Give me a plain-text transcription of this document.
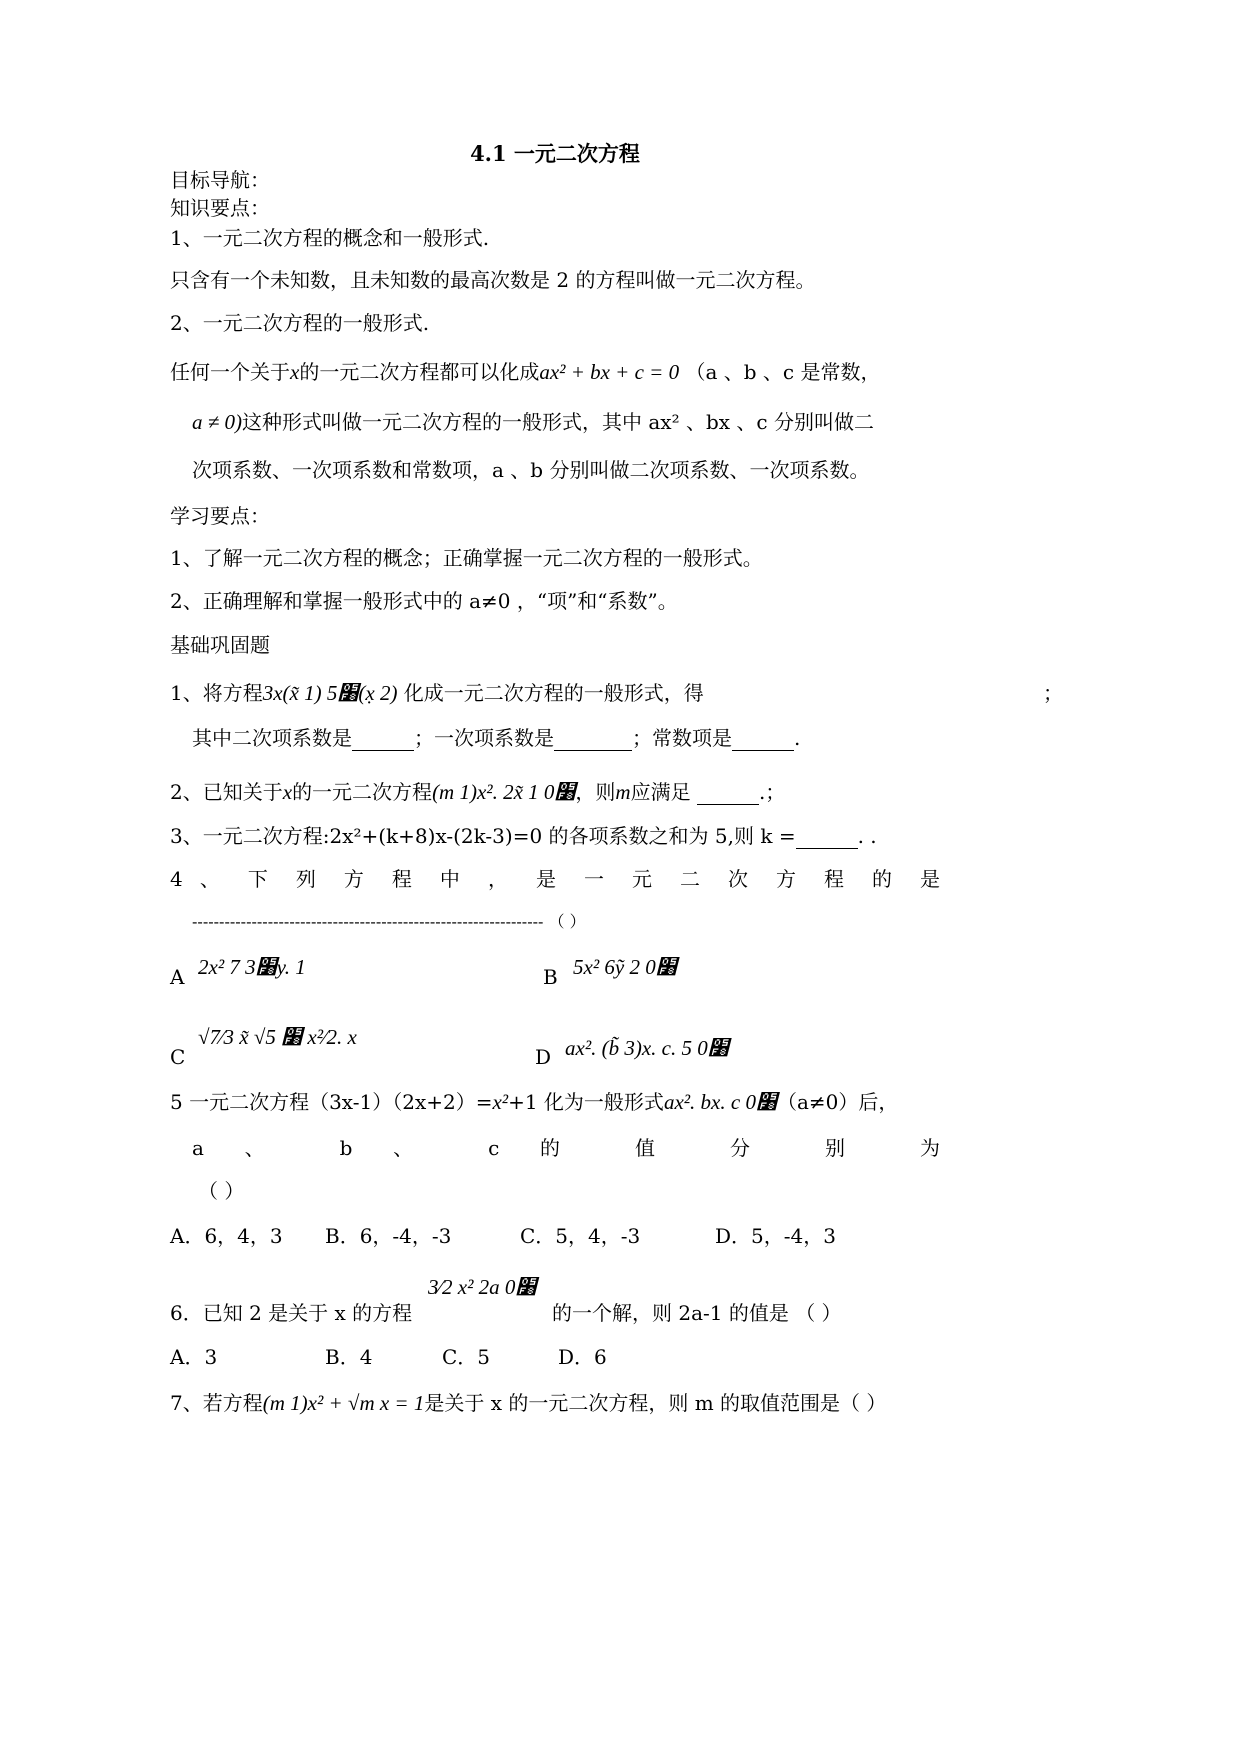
4.1 一元二次方程
目标导航：
知识要点：
1、一元二次方程的概念和一般形式.
只含有一个未知数，且未知数的最高次数是 2 的方程叫做一元二次方程。
2、一元二次方程的一般形式.
任何一个关于x的一元二次方程都可以化成ax² + bx + c = 0 （a 、b 、c 是常数，
a ≠ 0)这种形式叫做一元二次方程的一般形式，其中 ax² 、bx 、c 分别叫做二
次项系数、一次项系数和常数项，a 、b 分别叫做二次项系数、一次项系数。
学习要点：
1、了解一元二次方程的概念；正确掌握一元二次方程的一般形式。
2、正确理解和掌握一般形式中的 a≠0 ，“项”和“系数”。
基础巩固题
1、将方程3x(x̃ 1) ׸5(x̣ 2) 化成一元二次方程的一般形式，得	；
其中二次项系数是	；一次项系数是	；常数项是	.
2、已知关于x的一元二次方程(m 1)x². 2x̃ 1 ׸0，则m应满足	.；
3、一元二次方程:2x²+(k+8)x-(2k-3)=0 的各项系数之和为 5,则 k =	. .
4 、 下 列 方 程 中 ， 是 一 元 二 次 方 程 的 是
----------------------------------------------------------------- （ ）
A 2x² 7 ׸3y. 1	B 5x² 6ỹ 2 ׸0
C
√7⁄3 x̃ √5 ׸ x²⁄2. x
D ax². (b̃ 3)x. c. 5 ׸0
5 一元二次方程（3x-1）（2x+2）=x²+1 化为一般形式ax². bx. c ׸0（a≠0）后，
a 、 b 、 c 的 值 分 别 为
（ ）
A．6，4，3 B．6，-4，-3	C．5，4，-3	D．5，-4，3
6．已知 2 是关于 x 的方程
3⁄2 x² 2a ׸0
的一个解，则 2a-1 的值是 （ ）
A．3	B．4	C．5	D．6
7、若方程(m 1)x² + √m x = 1是关于 x 的一元二次方程，则 m 的取值范围是（ ）
